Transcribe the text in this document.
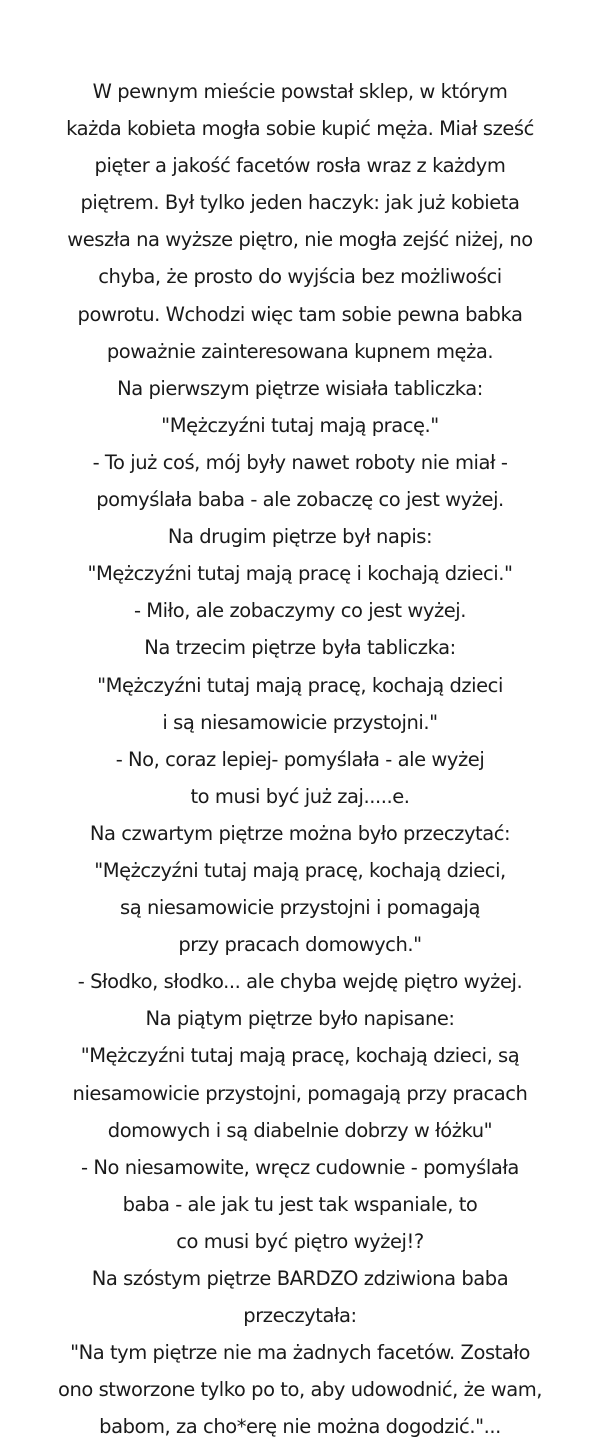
W pewnym mieście powstał sklep, w którym
każda kobieta mogła sobie kupić męża. Miał sześć
pięter a jakość facetów rosła wraz z każdym
piętrem. Był tylko jeden haczyk: jak już kobieta
weszła na wyższe piętro, nie mogła zejść niżej, no
chyba, że prosto do wyjścia bez możliwości
powrotu. Wchodzi więc tam sobie pewna babka
poważnie zainteresowana kupnem męża.
Na pierwszym piętrze wisiała tabliczka:
"Mężczyźni tutaj mają pracę."
- To już coś, mój były nawet roboty nie miał -
pomyślała baba - ale zobaczę co jest wyżej.
Na drugim piętrze był napis:
"Mężczyźni tutaj mają pracę i kochają dzieci."
- Miło, ale zobaczymy co jest wyżej.
Na trzecim piętrze była tabliczka:
"Mężczyźni tutaj mają pracę, kochają dzieci
i są niesamowicie przystojni."
- No, coraz lepiej- pomyślała - ale wyżej
to musi być już zaj.....e.
Na czwartym piętrze można było przeczytać:
"Mężczyźni tutaj mają pracę, kochają dzieci,
są niesamowicie przystojni i pomagają
przy pracach domowych."
- Słodko, słodko... ale chyba wejdę piętro wyżej.
Na piątym piętrze było napisane:
"Mężczyźni tutaj mają pracę, kochają dzieci, są
niesamowicie przystojni, pomagają przy pracach
domowych i są diabelnie dobrzy w łóżku"
- No niesamowite, wręcz cudownie - pomyślała
baba - ale jak tu jest tak wspaniale, to
co musi być piętro wyżej!?
Na szóstym piętrze BARDZO zdziwiona baba
przeczytała:
"Na tym piętrze nie ma żadnych facetów. Zostało
ono stworzone tylko po to, aby udowodnić, że wam,
babom, za cho*erę nie można dogodzić."...
